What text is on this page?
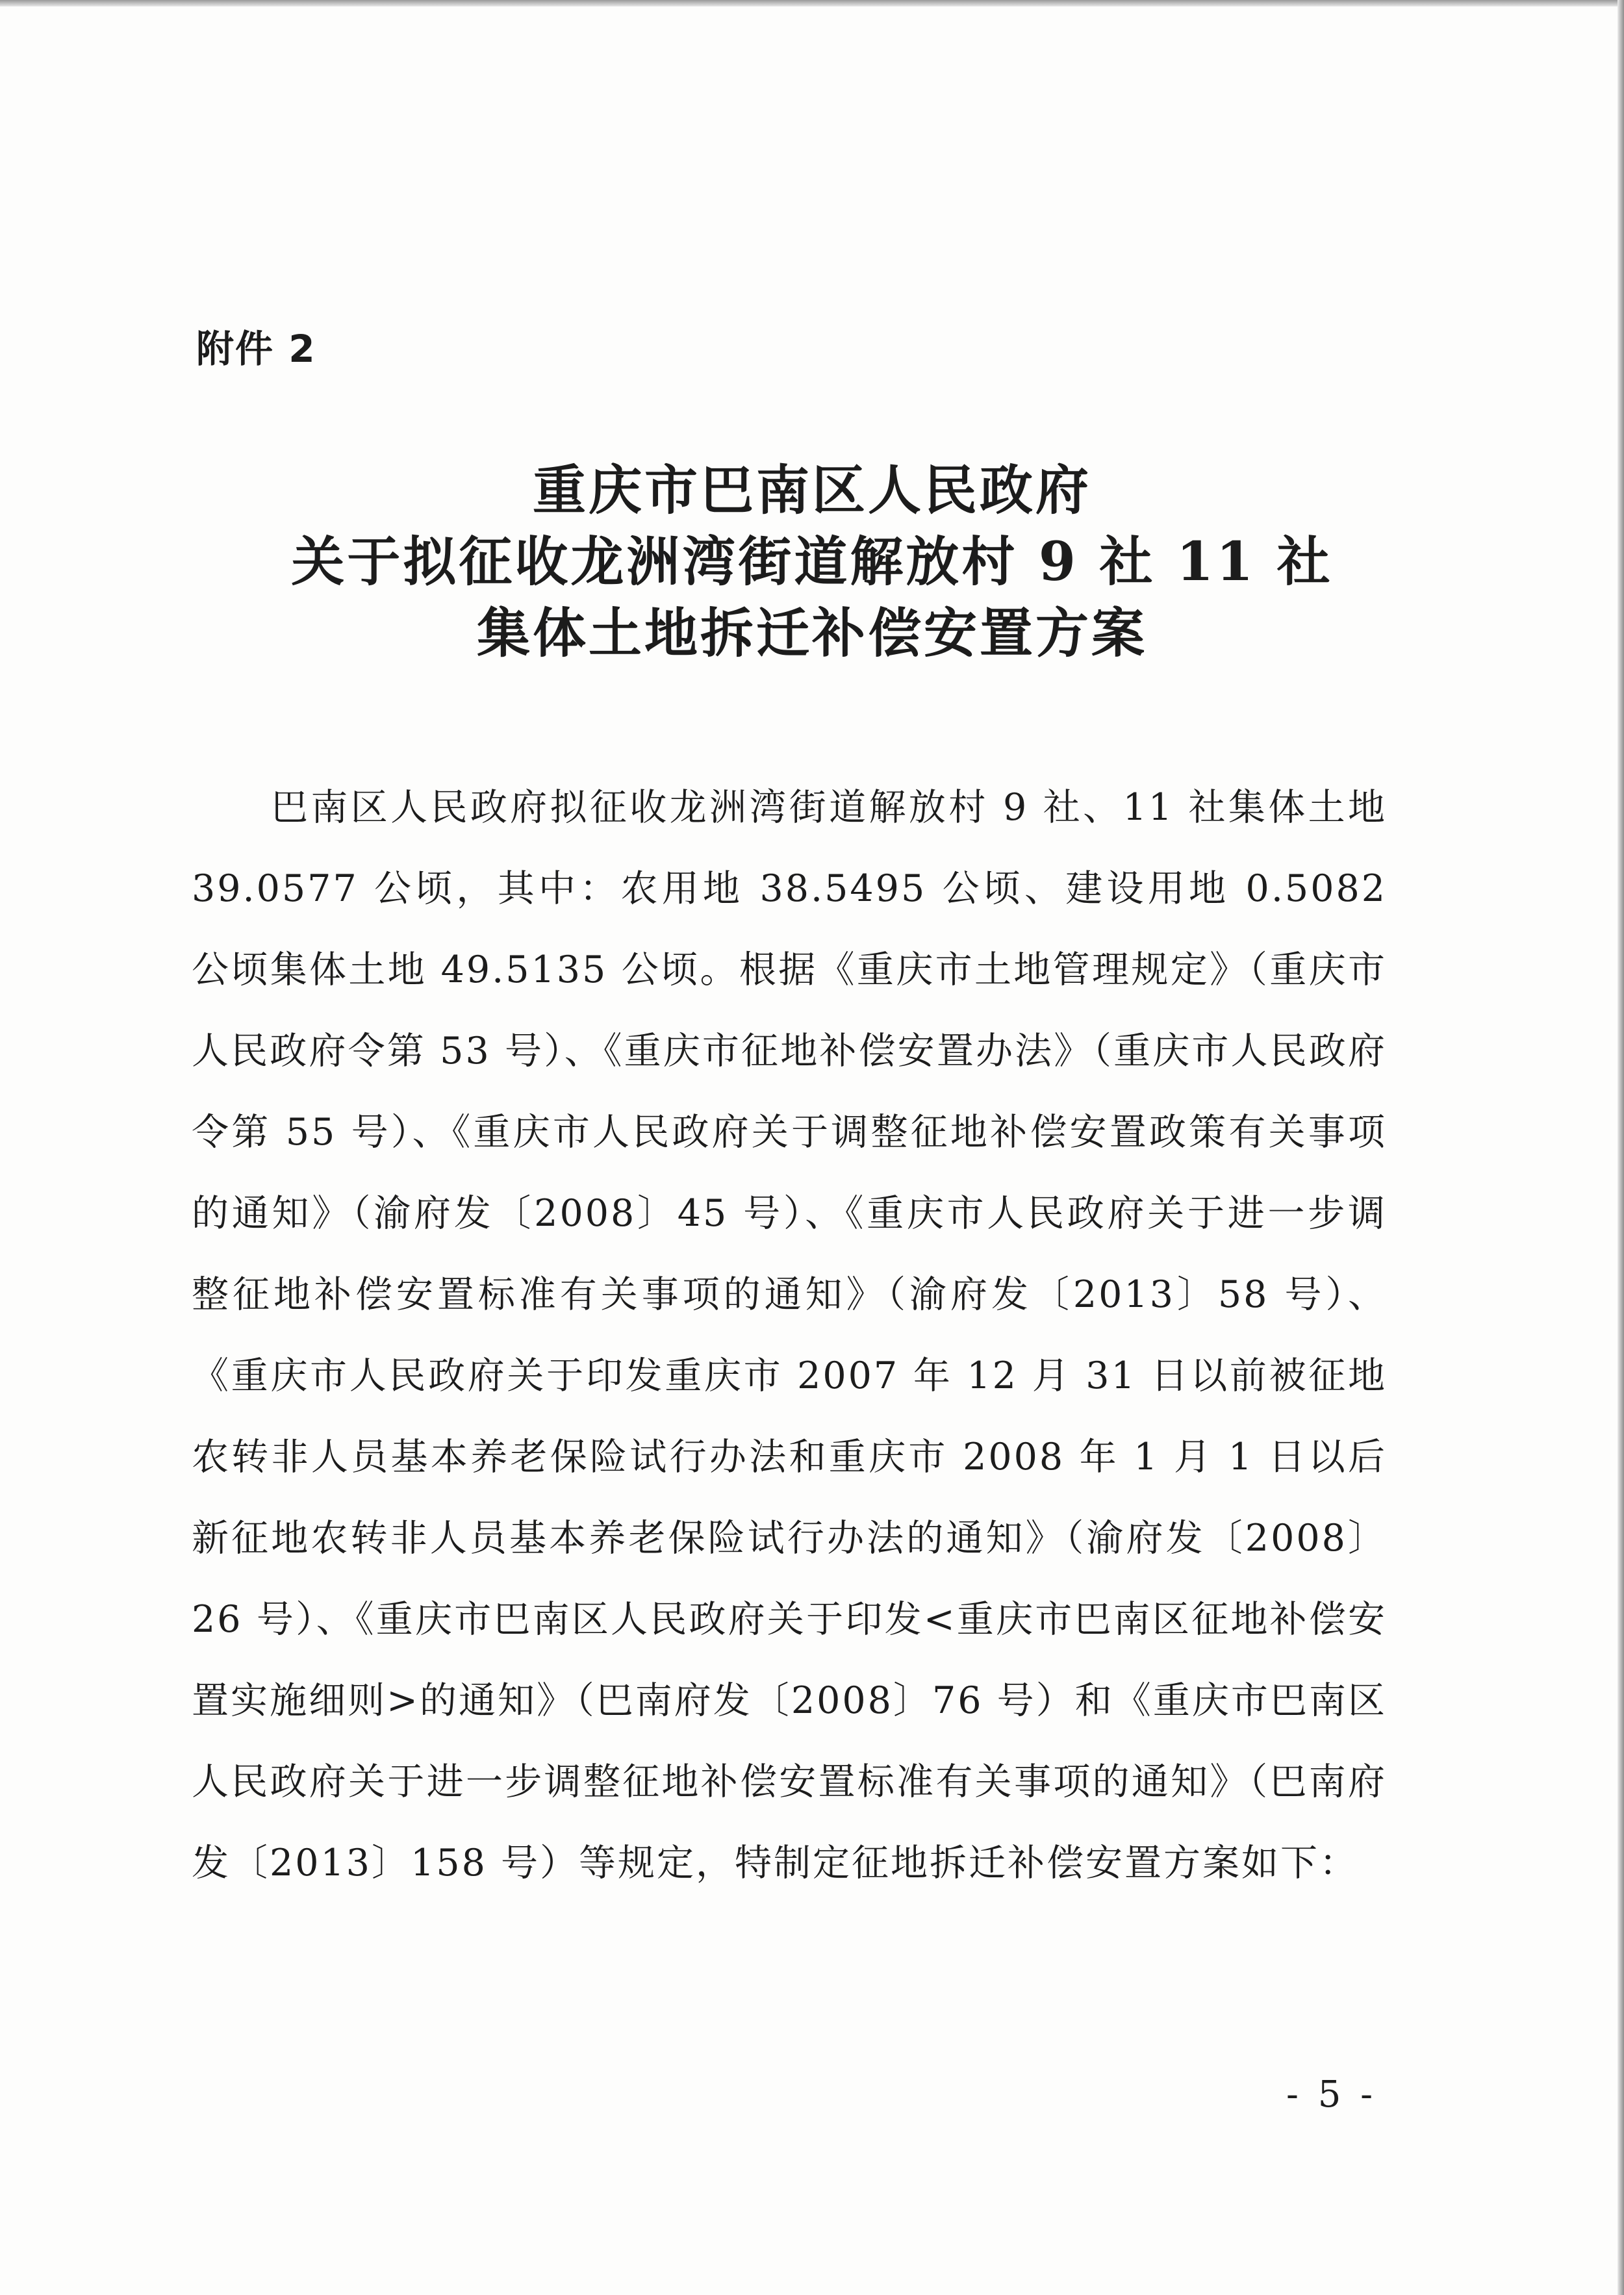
附件 2

重庆市巴南区人民政府
关于拟征收龙洲湾街道解放村 9 社 11 社
集体土地拆迁补偿安置方案

巴南区人民政府拟征收龙洲湾街道解放村 9 社、11 社集体土地 39.0577 公顷，其中：农用地 38.5495 公顷、建设用地 0.5082 公顷集体土地 49.5135 公顷。根据《重庆市土地管理规定》（重庆市人民政府令第 53 号）、《重庆市征地补偿安置办法》（重庆市人民政府令第 55 号）、《重庆市人民政府关于调整征地补偿安置政策有关事项的通知》（渝府发〔2008〕45 号）、《重庆市人民政府关于进一步调整征地补偿安置标准有关事项的通知》（渝府发〔2013〕58 号）、《重庆市人民政府关于印发重庆市 2007 年 12 月 31 日以前被征地农转非人员基本养老保险试行办法和重庆市 2008 年 1 月 1 日以后新征地农转非人员基本养老保险试行办法的通知》（渝府发〔2008〕26 号）、《重庆市巴南区人民政府关于印发<重庆市巴南区征地补偿安置实施细则>的通知》（巴南府发〔2008〕76 号）和《重庆市巴南区人民政府关于进一步调整征地补偿安置标准有关事项的通知》（巴南府发〔2013〕158 号）等规定，特制定征地拆迁补偿安置方案如下：

- 5 -
